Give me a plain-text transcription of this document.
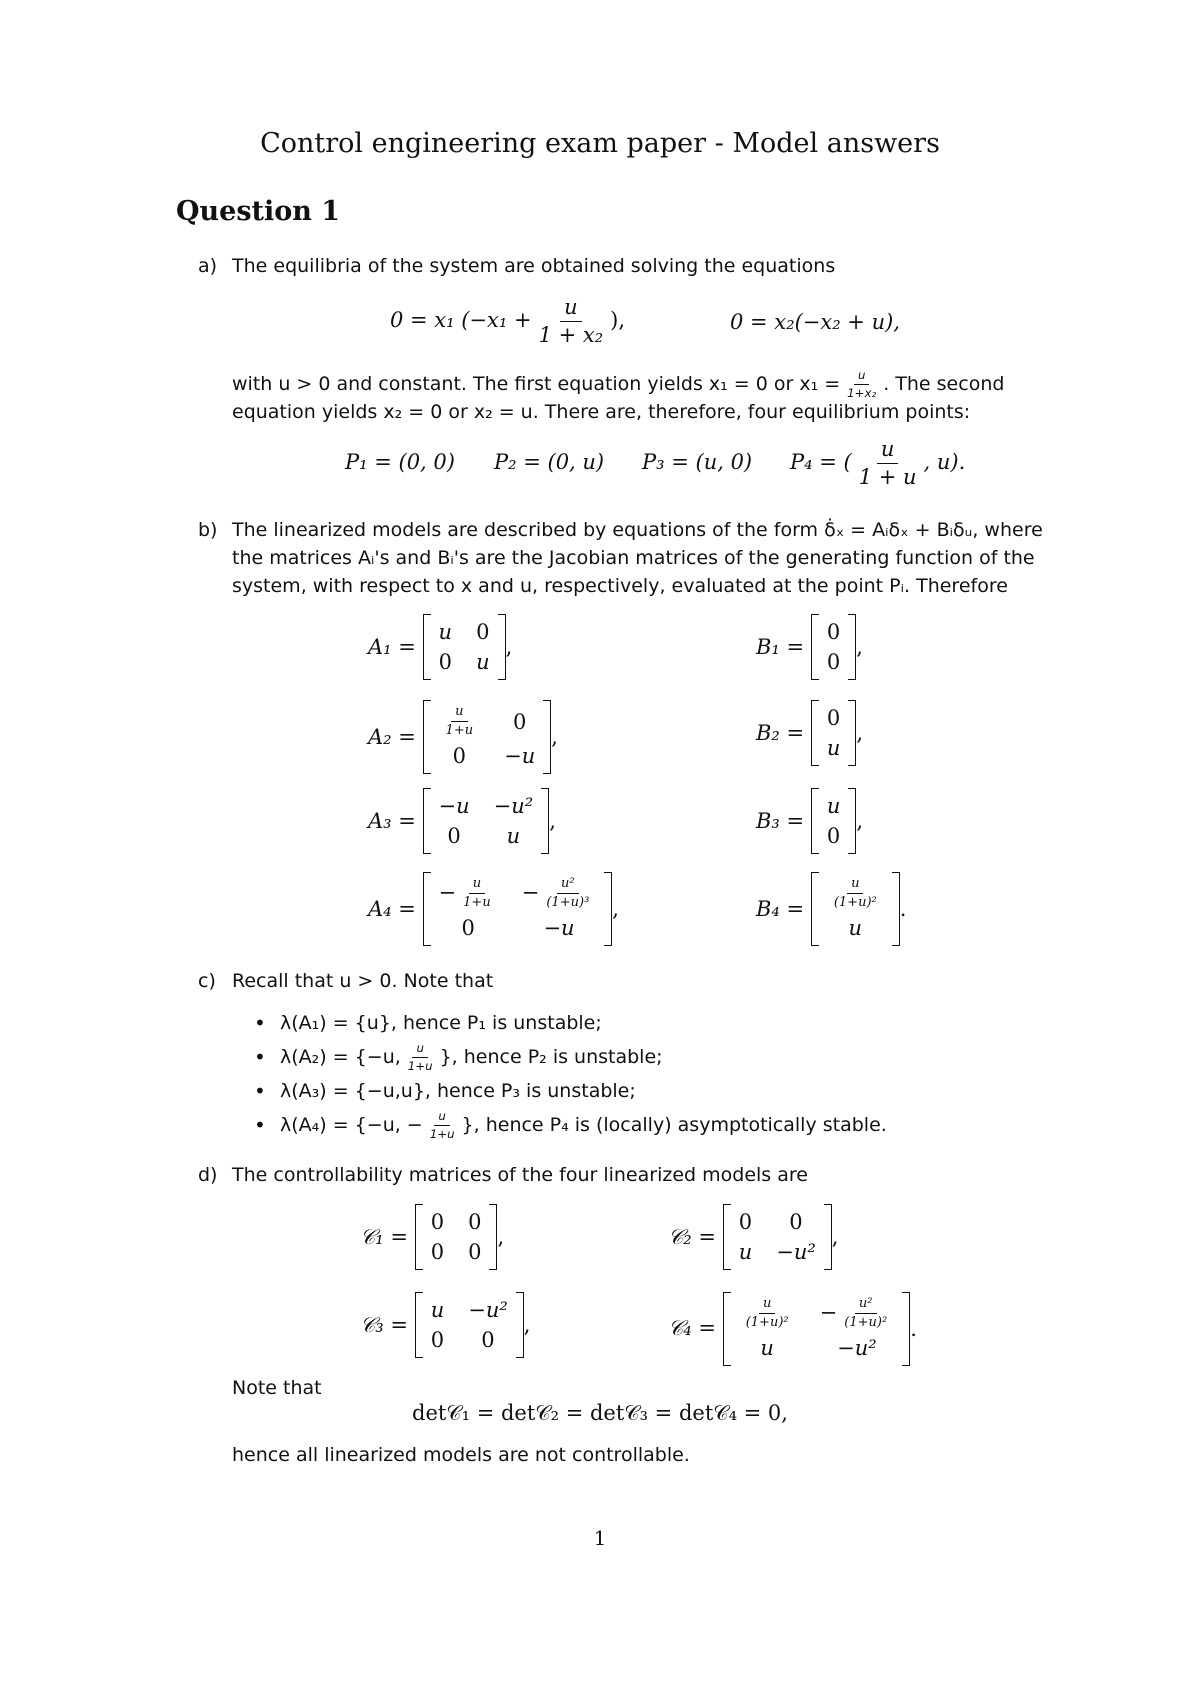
Control engineering exam paper - Model answers
Question 1
a) The equilibria of the system are obtained solving the equations
0 = x₁ ($-x_1 + \frac{u}{\text{1 + x₂}}$ ),	0 = x₂(−x₂ + u),
with u > 0 and constant. The first equation yields x₁ = 0 or $x_1 = \frac{u}{\text{1+x₂}}$ . The second
equation yields x₂ = 0 or x₂ = u. There are, therefore, four equilibrium points:
P₁ = (0, 0) P₂ = (0, u) P₃ = (u, 0) P₄ = ( $\frac{u}{1 + u}$ , u).
b) The linearized models are described by equations of the form δ̇ₓ = Aᵢδₓ + Bᵢδᵤ, where
the matrices Aᵢ's and Bᵢ's are the Jacobian matrices of the generating function of the
system, with respect to x and u, respectively, evaluated at the point Pᵢ. Therefore
A₁ =

u 0
0 u
,	B₁ =

0
0
,
A₂ =
$\frac{u}{1+u}$	0
0	−u
,	B₂ =

0
u
,
A₃ =

−u −u²
0	u
,	B₃ =

u
0
,
A₄ =

− $\frac{u}{1+u} - \frac{\text{u²}}{\text{(1+u)³}}$
0	−u
,	B₄ =
$\frac{u}{\text{(1+u)²}}$
u
.
c) Recall that u > 0. Note that
• λ(A₁) = {u}, hence P₁ is unstable;
• λ(A₂) = {−u, $\frac{u}{1+u}$ }, hence P₂ is unstable;
• λ(A₃) = {−u,u}, hence P₃ is unstable;
• λ(A₄) = {−u, − $\frac{u}{1+u}$ }, hence P₄ is (locally) asymptotically stable.
d) The controllability matrices of the four linearized models are
𝒞₁ =

0 0
0 0
,	𝒞₂ =

0	0
u −u²
,
𝒞₃ =

u −u²
0	0
,	𝒞₄ =
$\frac{u}{\text{(1+u)²}} - \frac{\text{u²}}{\text{(1+u)²}}$
u	−u²
.
Note that
det𝒞₁ = det𝒞₂ = det𝒞₃ = det𝒞₄ = 0,
hence all linearized models are not controllable.
1
